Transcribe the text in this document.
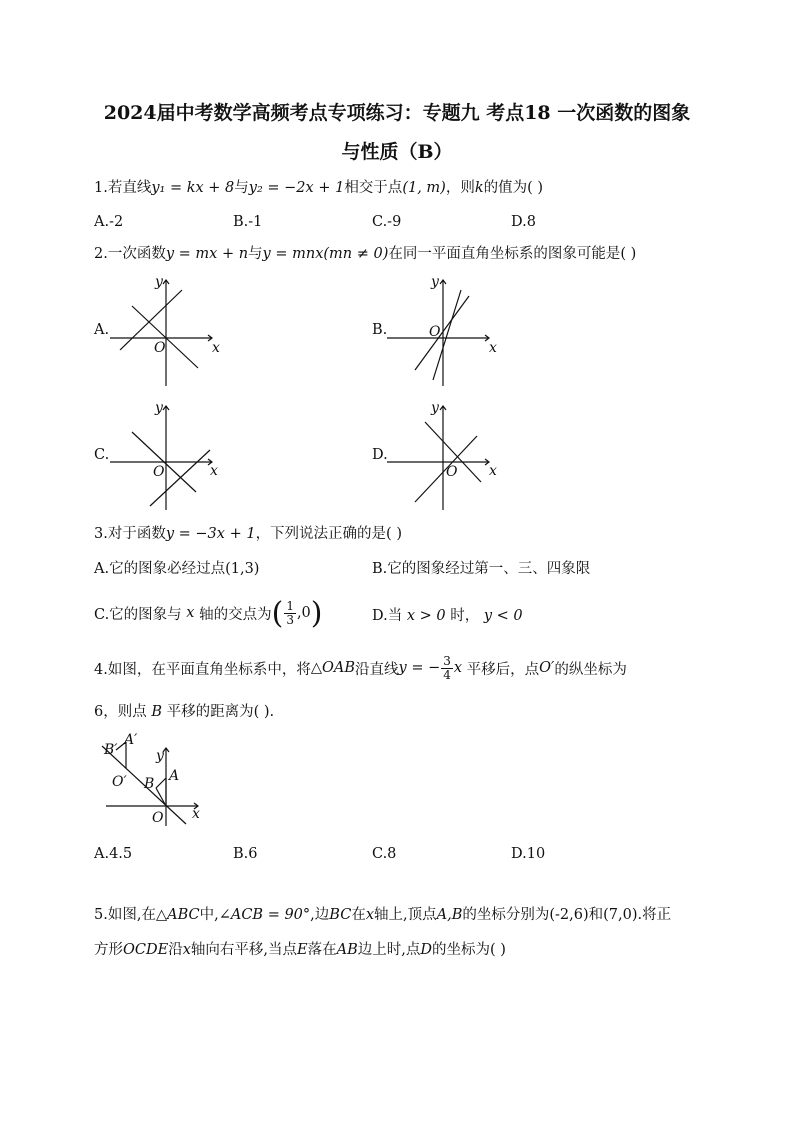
2024届中考数学高频考点专项练习：专题九 考点18 一次函数的图象
与性质（B）
1.若直线y₁ = kx + 8与y₂ = −2x + 1相交于点(1, m)，则k的值为( )
A.-2	B.-1	C.-9	D.8
2.一次函数y = mx + n与y = mnx(mn ≠ 0)在同一平面直角坐标系的图象可能是( )
A.	B.
C.	D.
O	x
y
O
x
y
O	x
y
O x
y
3.对于函数y = −3x + 1，下列说法正确的是( )
A.它的图象必经过点(1,3)	B.它的图象经过第一、三、四象限
C.它的图象与
x
轴的交点为 ( $\frac{1}{3} ,0$ )	D.当 x > 0 时， y < 0
4.如图，在平面直角坐标系中，将 △OAB 沿直线 y = − $\frac{3}{4}$ x
平移后，点 O′ 的纵坐标为
6，则点 B 平移的距离为( ).
B′
A′
O′
y
B A
O x
A.4.5	B.6	C.8	D.10
5.如图,在△ABC中,∠ACB = 90°,边BC在x轴上,顶点A,B的坐标分别为(-2,6)和(7,0).将正
方形OCDE沿x轴向右平移,当点E落在AB边上时,点D的坐标为( )
